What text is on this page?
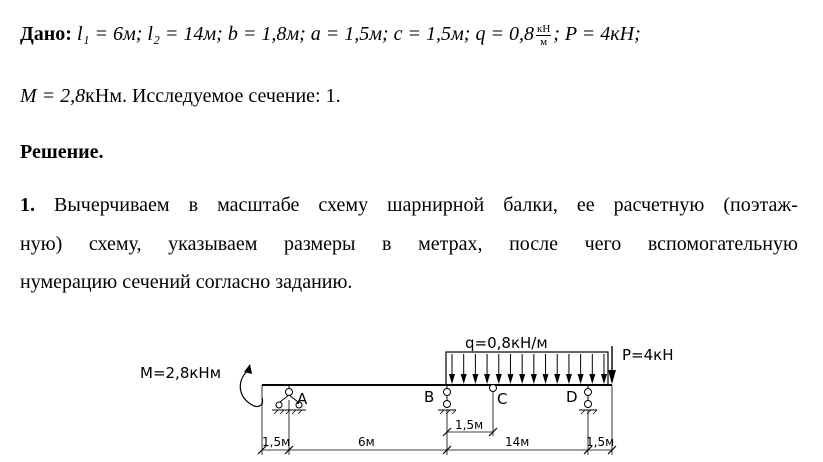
Дано: l₁ = 6м; l₂ = 14м; b = 1,8м; a = 1,5м; c = 1,5м; $q = 0,8 \frac{кН}{м}$ ; P = 4кН;
M = 2,8кНм. Исследуемое сечение: 1.
Решение.
1. Вычерчиваем в масштабе схему шарнирной балки, ее расчетную (поэтаж-
ную) схему, указываем размеры в метрах, после чего вспомогательную
нумерацию сечений согласно заданию.
M=2,8кНм
q=0,8кН/м
P=4кН
A	B	C	D
1,5м	6м
1,5м
14м	1,5м
